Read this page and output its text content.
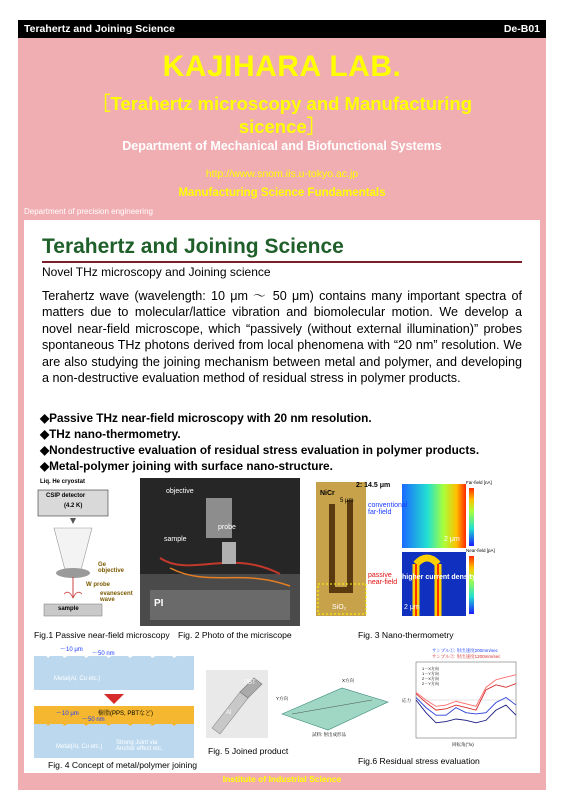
Terahertz and Joining Science	De-B01
KAJIHARA LAB.
［Terahertz microscopy and Manufacturing sicence］
Department of Mechanical and Biofunctional Systems
http://www.snom.iis.u-tokyo.ac.jp
Manufacturing Science Fundamentals
Department of precision engineering
Terahertz and Joining Science
Novel THz microscopy and Joining science

Terahertz wave (wavelength: 10 μm ～ 50 μm) contains many important spectra of matters due to molecular/lattice vibration and biomolecular motion. We develop a novel near-field microscope, which “passively (without external illumination)” probes spontaneous THz photons derived from local phenomena with “20 nm” resolution. We are also studying the joining mechanism between metal and polymer, and developing a non-destructive evaluation method of residual stress in polymer products.

◆Passive THz near-field microscopy with 20 nm resolution.
◆THz nano-thermometry.
◆Nondestructive evaluation of residual stress evaluation in polymer products.
◆Metal-polymer joining with surface nano-structure.
Liq. He cryostat
CSIP detector
(4.2 K)
Ge objective
W probe
evanescent wave
sample
Fig.1 Passive near-field microscopy
objective
probe
sample
PI
Fig. 2 Photo of the micriscope
NiCr
2: 14.5 μm
5 μm
conventional far-field
passive near-field
higher current density
SiO₂
2 μm
2 μm
Far-field [nA]
Near-field [pA]
Fig. 3 Nano-thermometry
～10 μm
～50 nm
Metal(Al, Cu etc.)
樹脂(PPS, PBTなど)
～10 μm
～50 nm
Metal(Al, Cu etc.)
Strong Joint via Anchor effect etc.
Fig. 4 Concept of metal/polymer joining
PBT
Al
Fig. 5 Joined product
X方向
Y方向
試料: 射出成形品
サンプル①: 射出速度200mm/sec
サンプル②: 射出速度1200mm/sec
1－X方向
1－Y方向
2－X方向
2－Y方向
回転角(°/x)
応力
Fig.6 Residual stress evaluation
Institute of Industrial Science
